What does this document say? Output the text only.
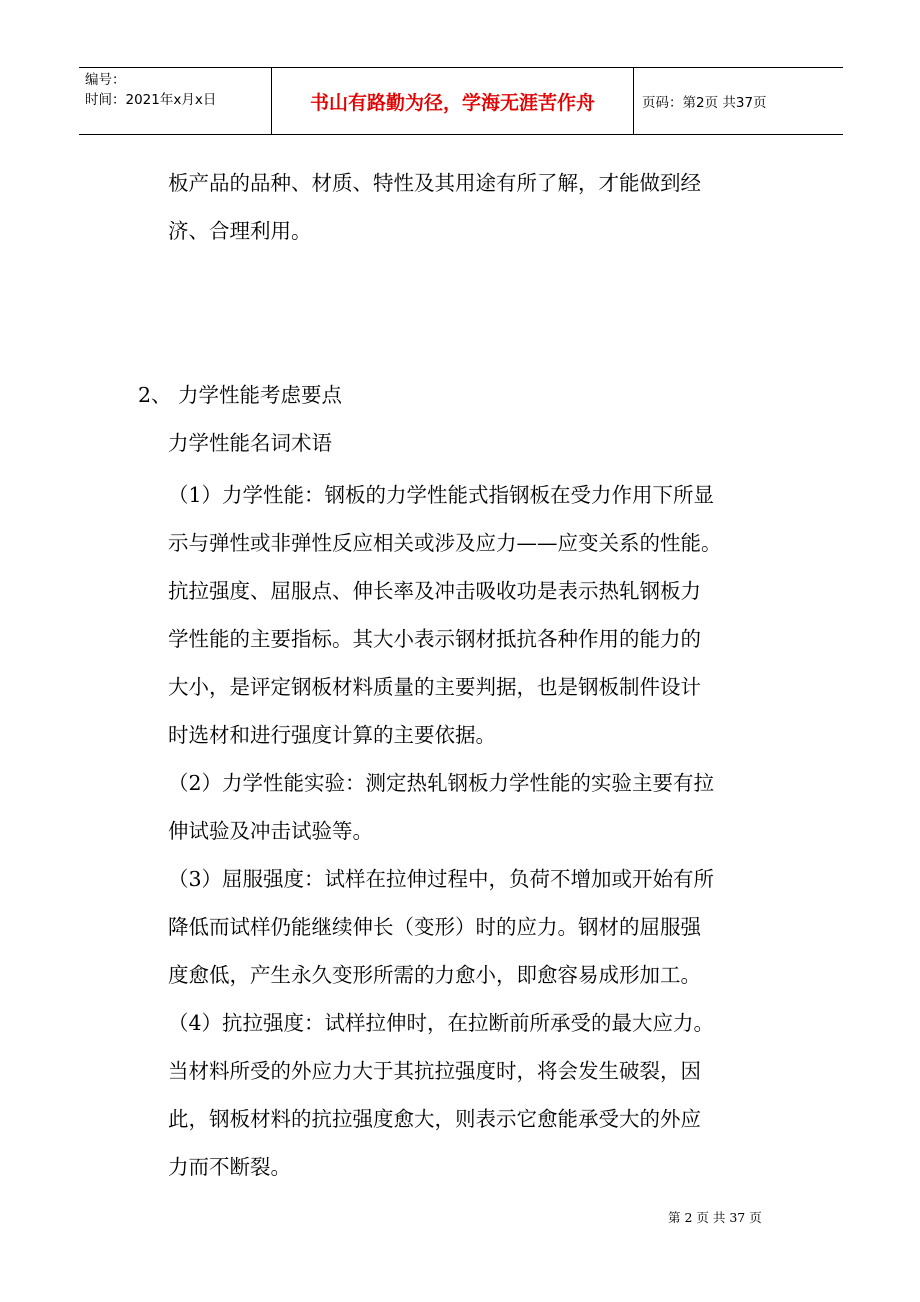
编号：
时间：2021年x月x日	书山有路勤为径，学海无涯苦作舟	页码：第2页 共37页
板产品的品种、材质、特性及其用途有所了解，才能做到经
济、合理利用。
2、 力学性能考虑要点
力学性能名词术语
（1）力学性能：钢板的力学性能式指钢板在受力作用下所显
示与弹性或非弹性反应相关或涉及应力——应变关系的性能。
抗拉强度、屈服点、伸长率及冲击吸收功是表示热轧钢板力
学性能的主要指标。其大小表示钢材抵抗各种作用的能力的
大小，是评定钢板材料质量的主要判据，也是钢板制件设计
时选材和进行强度计算的主要依据。
（2）力学性能实验：测定热轧钢板力学性能的实验主要有拉
伸试验及冲击试验等。
（3）屈服强度：试样在拉伸过程中，负荷不增加或开始有所
降低而试样仍能继续伸长（变形）时的应力。钢材的屈服强
度愈低，产生永久变形所需的力愈小，即愈容易成形加工。
（4）抗拉强度：试样拉伸时，在拉断前所承受的最大应力。
当材料所受的外应力大于其抗拉强度时，将会发生破裂，因
此，钢板材料的抗拉强度愈大，则表示它愈能承受大的外应
力而不断裂。
第 2 页 共 37 页
